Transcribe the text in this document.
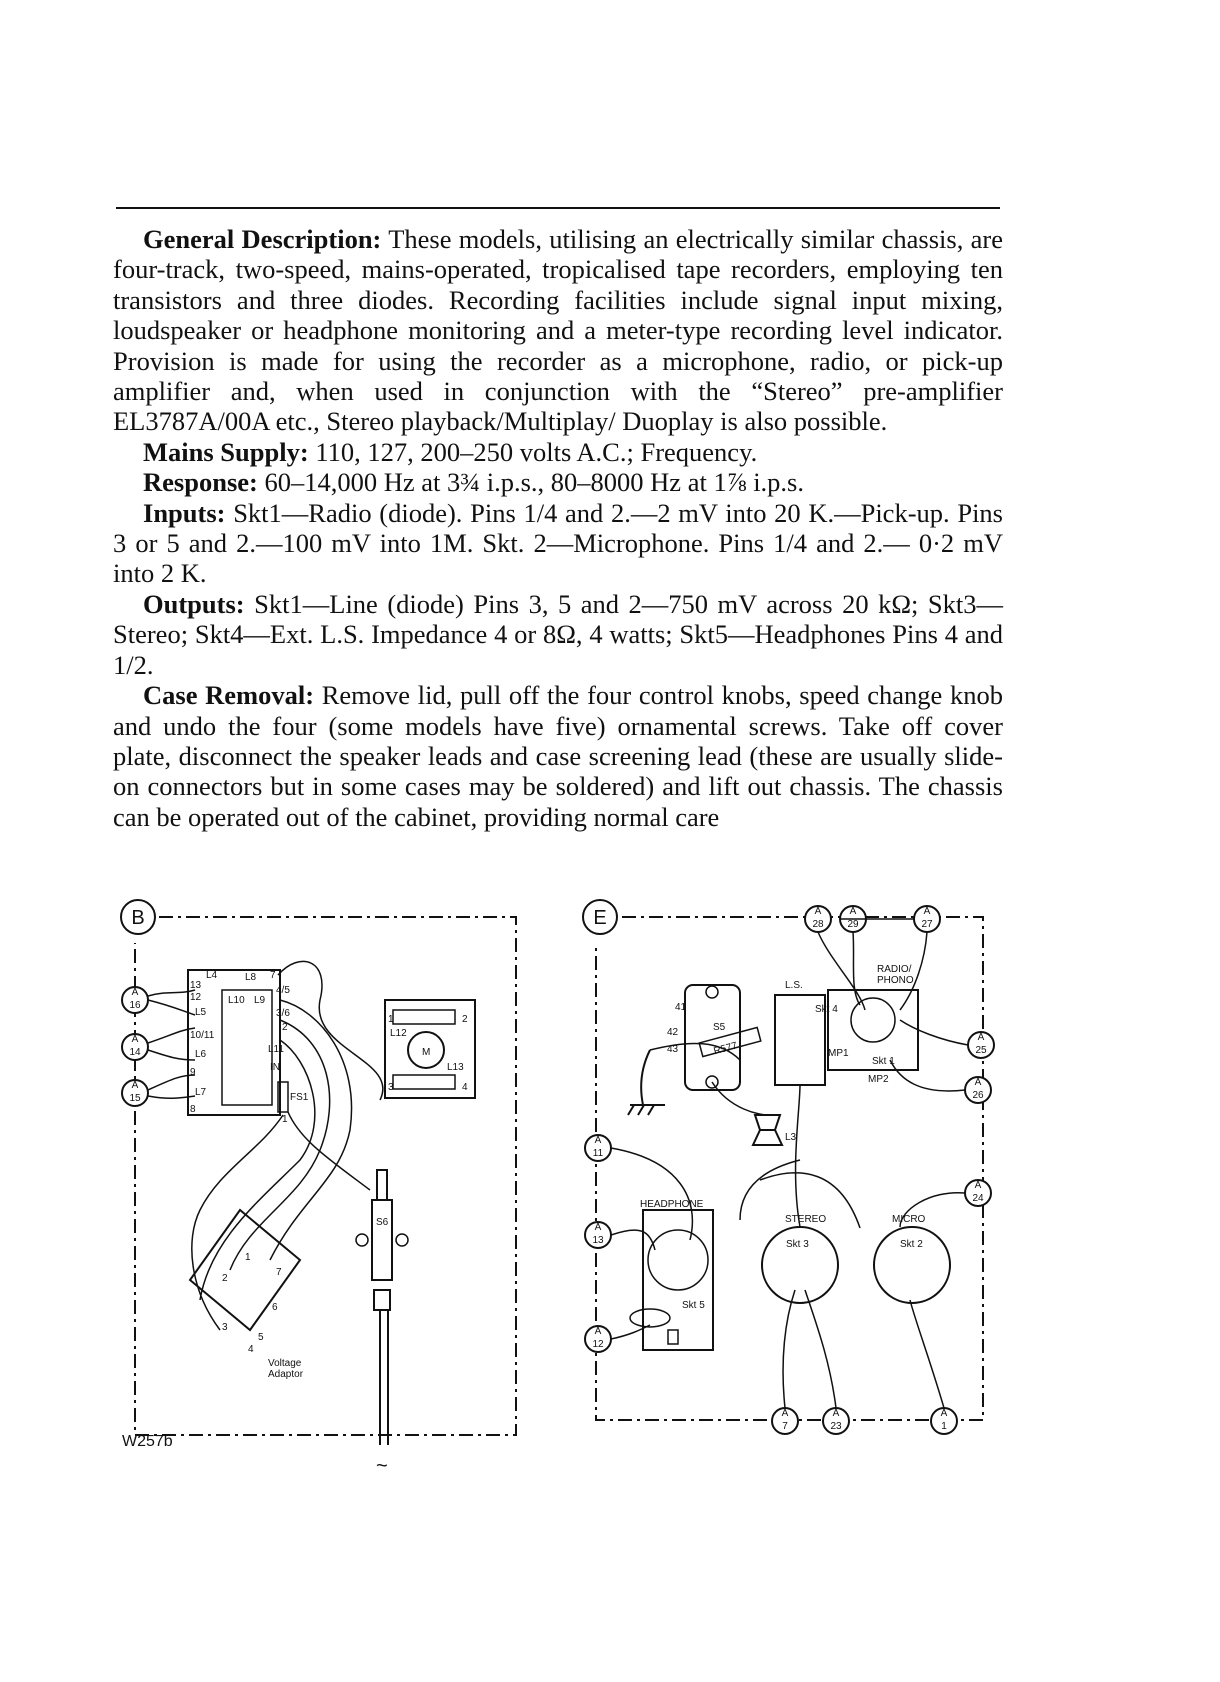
General Description: These models, utilising an electrically similar chassis, are four-track, two-speed, mains-operated, tropicalised tape recorders, employing ten transistors and three diodes. Recording facilities include signal input mixing, loudspeaker or headphone monitoring and a meter-type recording level indicator. Provision is made for using the recorder as a microphone, radio, or pick-up amplifier and, when used in conjunction with the “Stereo” pre-amplifier EL3787A/00A etc., Stereo playback/Multiplay/ Duoplay is also possible.

Mains Supply: 110, 127, 200–250 volts A.C.; Frequency.

Response: 60–14,000 Hz at 3¾ i.p.s., 80–8000 Hz at 1⅞ i.p.s.

Inputs: Skt1—Radio (diode). Pins 1/4 and 2.—2 mV into 20 K.—Pick-up. Pins 3 or 5 and 2.—100 mV into 1M. Skt. 2—Microphone. Pins 1/4 and 2.— 0·2 mV into 2 K.

Outputs: Skt1—Line (diode) Pins 3, 5 and 2—750 mV across 20 kΩ; Skt3—Stereo; Skt4—Ext. L.S. Impedance 4 or 8Ω, 4 watts; Skt5—Headphones Pins 4 and 1/2.

Case Removal: Remove lid, pull off the four control knobs, speed change knob and undo the four (some models have five) ornamental screws. Take off cover plate, disconnect the speaker leads and case screening lead (these are usually slide-on connectors but in some cases may be soldered) and lift out chassis. The chassis can be operated out of the cabinet, providing normal care

B
A
16
A
14
A
15
L4
L5
L6
L7
L8
L9
L10
L11
13
12
10/11
9
8
7
4/5
3/6
2
IN
1
FS1
M
L12
L13
2
1
3	4
S6
~
2
3
4
5
6
7
1
Voltage
Adaptor
E	A
28
A
29
A
27
A
25
A
26
A
11
A
24
A
13
A
12
A
7
A
23
A
1
S5
41
42
43	R577
L.S.
Skt 4
RADIO/
PHONO
Skt 1
MP1
MP2
L3
HEADPHONE
Skt 5
STEREO
Skt 3
MICRO
Skt 2
W257b
